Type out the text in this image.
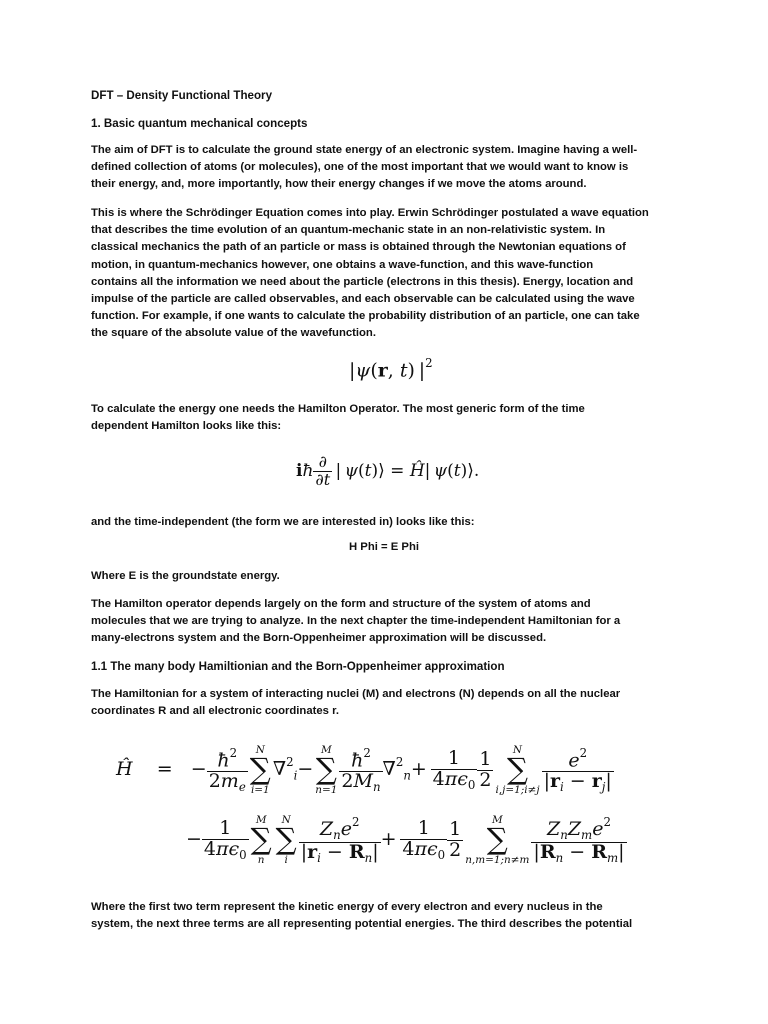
DFT – Density Functional Theory

1. Basic quantum mechanical concepts

The aim of DFT is to calculate the ground state energy of an electronic system. Imagine having a well-
defined collection of atoms (or molecules), one of the most important that we would want to know is
their energy, and, more importantly, how their energy changes if we move the atoms around.

This is where the Schrödinger Equation comes into play. Erwin Schrödinger postulated a wave equation
that describes the time evolution of an quantum-mechanic state in an non-relativistic system. In
classical mechanics the path of an particle or mass is obtained through the Newtonian equations of
motion, in quantum-mechanics however, one obtains a wave-function, and this wave-function
contains all the information we need about the particle (electrons in this thesis). Energy, location and
impulse of the particle are called observables, and each observable can be calculated using the wave
function. For example, if one wants to calculate the probability distribution of an particle, one can take
the square of the absolute value of the wavefunction.

|ψ(r, t) $|^2$

To calculate the energy one needs the Hamilton Operator. The most generic form of the time
dependent Hamilton looks like this:

iħ $\frac{\partial}{\partial t}$  | ψ(t)⟩ = Ĥ| ψ(t)⟩.

and the time-independent (the form we are interested in) looks like this:

H Phi = E Phi

Where E is the groundstate energy.

The Hamilton operator depends largely on the form and structure of the system of atoms and
molecules that we are trying to analyze. In the next chapter the time-independent Hamiltonian for a
many-electrons system and the Born-Oppenheimer approximation will be discussed.

1.1 The many body Hamiltionian and the Born-Oppenheimer approximation

The Hamiltonian for a system of interacting nuclei (M) and electrons (N) depends on all the nuclear
coordinates R and all electronic coordinates r.

Ĥ    =   − $\frac{ħ^2}{2m_e}$ N
∑
i=1
∇$^2_i$−
M
∑
$n=1 \frac{ħ^2}{2M_n} \nabla^2_n+ \frac{1}{4\pi\epsilon_0} \frac{1}{2}$	N
∑
i,j=1;i≠j $\frac{e^2}{|r_i - r_j|}$
− $\frac{1}{4\pi\epsilon_0}$ M
∑
n
N
∑
i $\frac{Z_ne^2}{|r_i - R_n|} + \frac{1}{4\pi\epsilon_0} \frac{1}{2}$	M
∑
n,m=1;n≠m $\frac{Z_nZ_me^2}{|R_n - R_m|}$

Where the first two term represent the kinetic energy of every electron and every nucleus in the
system, the next three terms are all representing potential energies. The third describes the potential
